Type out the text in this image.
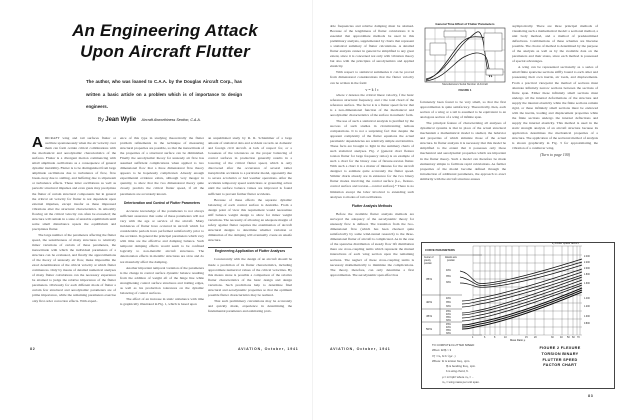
An Engineering Attack
Upon Aircraft Flutter
The author, who was loaned to C.A.A. by the Douglas Aircraft Corp., has written a basic article on a problem which is of importance to design engineers.
By Jean Wylie Aircraft Airworthiness Section, C.A.A.

AIRCRAFT wing and tail surfaces flutter or oscillate spontaneously when the air velocity over them can form certain critical combinations with the mechanical and aerodynamic characteristics of the surfaces. Flutter is a divergent motion commencing with small amplitude oscillations as a consequence of general dynamic instability. Flutter is to be distinguished from large amplitude oscillations due to turbulence of flow, flow break-away due to stalling, and buffeting due to slipstream or turbulence effects. These latter oscillations as well as periodic structural impulses and even gusts may precipitate the flutter of certain structural components but in general the critical air velocity for flutter is not dependent upon external impulses, except insofar as these impressed vibrations alter the structural characteristics. In smoothly flowing air the critical velocity can often be exceeded; the structure will remain in a state of unstable equilibrium until some small disturbance upsets the equilibrium and precipitates flutter.

The large number of the parameters affecting the flutter speed, the sensitiveness of many structures to relatively minor variations of certain of these parameters, the inexactitude with which the individual parameters of a structure can be evaluated, and finally the approximations of the theory of unsteady air flow, make impossible the exact determination of the critical velocity at which flutter commences. Only by means of detailed numerical analyses of many flutter calculations can the necessary experience be attained to judge the relative importance of the flutter parameters. Obviously for each different mode of flutter a certain few structural and aerodynamic parameters are of prime importance, while the remaining parameters exercise only first order correction effects. With experi-

ence of this type in studying theoretically the flutter problem refinements in the technique of measuring structural properties are possible, so that the inexactitude of the properties of a structural surface can be diminished. Finally the aerodynamic theory for unsteady air flow has assumed sufficient complications when applied to two dimensional flow that a three dimensional flow theory appears to be hopelessly complicated. Already enough experimental evidence exists, although very meager in quantity, to show that the two dimensional theory quite closely predicts the critical flutter speed, if all the parameters are accurately known.

Deterioration and Control of Flutter Parameters

Accurate knowledge of the parameters is not always sufficient assurance that some of these parameters will not vary with the age or service of the aircraft. Many incidences of flutter have occurred in aircraft which for considerable periods have performed satisfactorily prior to the accident. In general the principal parameters which vary with time are the effective and damping balance. Such temporal damping effects would seem to be confined logically to non-metallic aircraft structures. The deterioration effects in metallic structures are slow and do not materially affect the damping.

Another important temporal variation of the parameters is the change in control surface dynamic balance resulting from the addition of weight aft of the hinge line while strengthening control surface structures and trailing edges, as well as lax production tolerances on the dynamic balancing of control surfaces.

The effect of an increase in static unbalance with time is graphically illustrated in Fig. 1, which is based upon

an unpublished study by R. R. Schlemmer of a large amount of statistical data and accident records on domestic and foreign civil aircraft. A lack of respect for, or a looseness of the tolerances on the proper balancing of control surfaces in production generally results in a lowering of the critical flutter speed, which is only discovered after the occurrence of several rather inexplicable accidents to a particular model, apparently due to severe acrobatics or bad weather operations. After the accidents temporary speed restrictions or grounding action until the surface balance values are improved is found sufficient to prevent further flutter accidents.

Because of these effects the separate dynamic balancing of each control surface is desirable. From a design point of view this requirement would necessitate stiff balance weight design to allow for minor weight variations. The necessity of allowing an adequate margin of safety against flutter requires the examination of aircraft structural designs to determine whether variation or diminution of the damping will eventually create an unsafe structure.

Engineering Application of Flutter Analyses

Concurrently with the design of an aircraft should be made a prediction of its flutter characteristics, including approximate numerical values of the critical velocities. By this means alone is possible a comparison of the relative flutter characteristics of the basic design and design variations. Such predictions help to determine final structural and aerodynamic properties so that the optimum possible flutter characteristics may be realized.

That such preliminary calculations may be accurately and quickly made, experience in determining the fundamental parameters and estimating prob-

able frequencies and relative damping must be attained. Because of the lengthiness of flutter calculations it is essential that approximate methods be used in this preliminary analysis, supplemented by charts that represent a statistical summary of flutter calculations. A detailed flutter analysis cannot in general be simplified to any great extent, since it is concerned not only with vibration theory but also with the principles of aerodynamics and applied elasticity.

With respect to statistical summaries it can be proved from dimensional considerations that the flutter velocity can be written in the form:

v = k f c

where v denotes the critical linear velocity, f the basic reference structural frequency, and c the total chord of the reference surface. The factor k is a flutter speed factor that is a non-dimensional function of the mechanical and aerodynamic characteristics of the surface in numeric form.

The use of such a statistical analysis is justified by the success of such studies in circumventing tedious computations. It is not a surprising fact that despite the apparent complexity of the flutter equations the actual parametric dependencies are relatively simple and intuitive. These facts are brought to light in the summary charts of such statistical analyses. Fig. 2 (general chart flexure torsion flutter for large frequency ratios) is an example of such a chart for the binary case of flexure-torsion flutter. With such a chart it is a matter of minutes for the aircraft designer to estimate quite accurately the flutter speed. Similar charts already are in existence for the two binary flutter modes involving the control surface (i.e., flexure-control surface and torsion—control surface).* There is no limitation except the labor involved to extending such analyses to modes of tail oscillations.

Flutter Analysis Methods

Before the available flutter analysis methods are surveyed the adequacy of the aerodynamic theory for unsteady flow is defined. The transition from the two-dimensional flow (which has been checked quite satisfactorily by some wind-tunnel research) to the three-dimensional flutter of aircraft is complicated. As in the case of the spanwise distribution of steady flow lift distribution there are cross-coupling terms which represent the mutual interactions of each wing section upon the remaining sections. The neglect of these cross-coupling terms is necessary mathematically to minimize the complications. The theory, therefore, can only determine a first approximation. The aerodynamic span effect has

fortunately been found to be very small, so that the first approximation is quite satisfactory. Theoretically, then, each section of a wing or a tail is assumed to be equivalent to an analogous section of a wing of infinite span.

The principal feature of characterizing all analyses of dynamical systems is that in place of the actual structural mechanism a mathematical model is studied, the behavior and properties of which simulate those of the actual structure. In flutter analysis it is necessary that this model be simplified to the extent that it possesses only those mechanical and aerodynamic properties which are important in the flutter theory. Such a model can therefore be made elementary simple to facilitate rapid calculations. As further properties of the model become defined through the introduction of additional parameters, the approach to exact similarity with the aircraft structure ensues

asymptotically. There are three principal methods of visualizing such a mathematical model: a sectional method, a unit body method, and a method of predetermined deflections. Combinations of these schemes are likewise possible. The choice of method is determined by the purpose of the analysis as well as by the available data on the parameters and their states, since each method is possessed of special advantages.

A wing can be represented sectionally as a series of small finite spanwise sections stiffly bound to each other and possessing their own inertia, air loads, and displacements. From a practical viewpoint the method of sections must alternate infinitely narrow sections between the sections of finite span. Either these infinitely small sections must undergo all the internal deformations of the structure and supply the internal elasticity while the finite sections remain rigid, or these infinitely small sections must be endowed with the inertia, loading and displacement properties while the finite sections undergo the internal deflections and supply the internal elasticity. This method is used in the static strength analysis of an aircraft structure because its application determines the mechanical properties of a structure. The application of the sectional method of analysis is shown graphically in Fig. 3 for approximating the vibration of a cantilever wing.

(Turn to page 100)

General Time Effect of Flutter Parameters
Manufacturers Serial Number of Aircraft
FIGURE 1
CURVE PARAMETERS
Center of gravity position
Elastic axis position
35%
40%
45%
50%
40%
35%
30%
40%
35%
30%
45%
40%
35%
30%
45%
40%
35%
30%
k₀ Flutter speed factors
4	6	8	10	15	20	30	40 50 60 70
Mass Ratio μ
2.400
2.200
2.000
1.800
1.600
1.400
1.200
1.000
0.800
TO COMPUTE FLUTTER SPEED
When: fα/fβ > 3
Vƒ = k₀ fα b √(μ/...)
Where: fα is torsion freq., cpm.
fβ is bending freq., cpm.
b is wing chord, ft.
μ = m/πρb² where m₀ = ...
m₀ = wing mass per unit span.
FIGURE 2 FLEXURE
TORSION BINARY
FLUTTER SPEED
FACTOR CHART
82	AVIATION, October, 1941	AVIATION, October, 1941
83
